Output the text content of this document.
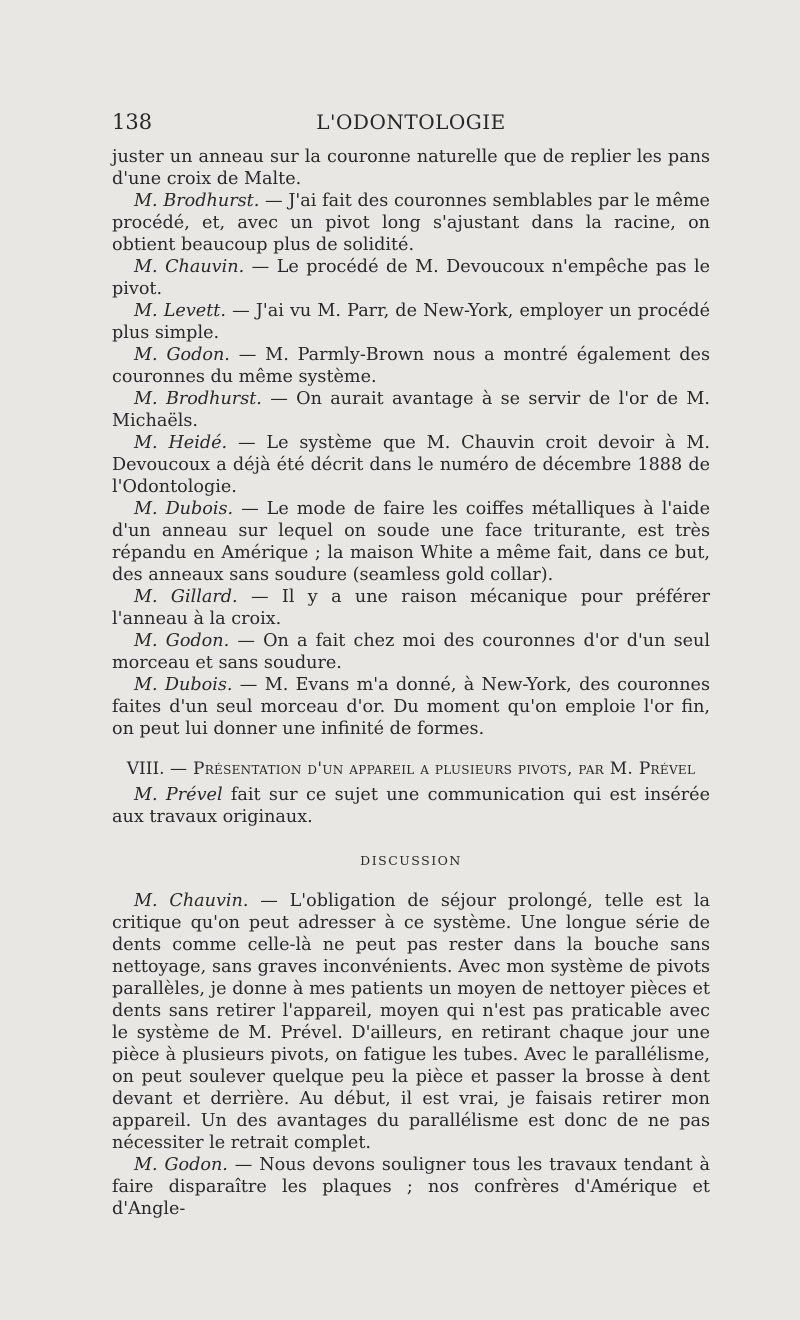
138	L'ODONTOLOGIE

juster un anneau sur la couronne naturelle que de replier les pans d'une croix de Malte.

M. Brodhurst. — J'ai fait des couronnes semblables par le même procédé, et, avec un pivot long s'ajustant dans la racine, on obtient beaucoup plus de solidité.

M. Chauvin. — Le procédé de M. Devoucoux n'empêche pas le pivot.

M. Levett. — J'ai vu M. Parr, de New-York, employer un procédé plus simple.

M. Godon. — M. Parmly-Brown nous a montré également des couronnes du même système.

M. Brodhurst. — On aurait avantage à se servir de l'or de M. Michaëls.

M. Heidé. — Le système que M. Chauvin croit devoir à M. Devoucoux a déjà été décrit dans le numéro de décembre 1888 de l'Odontologie.

M. Dubois. — Le mode de faire les coiffes métalliques à l'aide d'un anneau sur lequel on soude une face triturante, est très répandu en Amérique ; la maison White a même fait, dans ce but, des anneaux sans soudure (seamless gold collar).

M. Gillard. — Il y a une raison mécanique pour préférer l'anneau à la croix.

M. Godon. — On a fait chez moi des couronnes d'or d'un seul morceau et sans soudure.

M. Dubois. — M. Evans m'a donné, à New-York, des couronnes faites d'un seul morceau d'or. Du moment qu'on emploie l'or fin, on peut lui donner une infinité de formes.

VIII. — Présentation d'un appareil a plusieurs pivots, par M. Prével

M. Prével fait sur ce sujet une communication qui est insérée aux travaux originaux.

DISCUSSION

M. Chauvin. — L'obligation de séjour prolongé, telle est la critique qu'on peut adresser à ce système. Une longue série de dents comme celle-là ne peut pas rester dans la bouche sans nettoyage, sans graves inconvénients. Avec mon système de pivots parallèles, je donne à mes patients un moyen de nettoyer pièces et dents sans retirer l'appareil, moyen qui n'est pas praticable avec le système de M. Prével. D'ailleurs, en retirant chaque jour une pièce à plusieurs pivots, on fatigue les tubes. Avec le parallélisme, on peut soulever quelque peu la pièce et passer la brosse à dent devant et derrière. Au début, il est vrai, je faisais retirer mon appareil. Un des avantages du parallélisme est donc de ne pas nécessiter le retrait complet.

M. Godon. — Nous devons souligner tous les travaux tendant à faire disparaître les plaques ; nos confrères d'Amérique et d'Angle-
